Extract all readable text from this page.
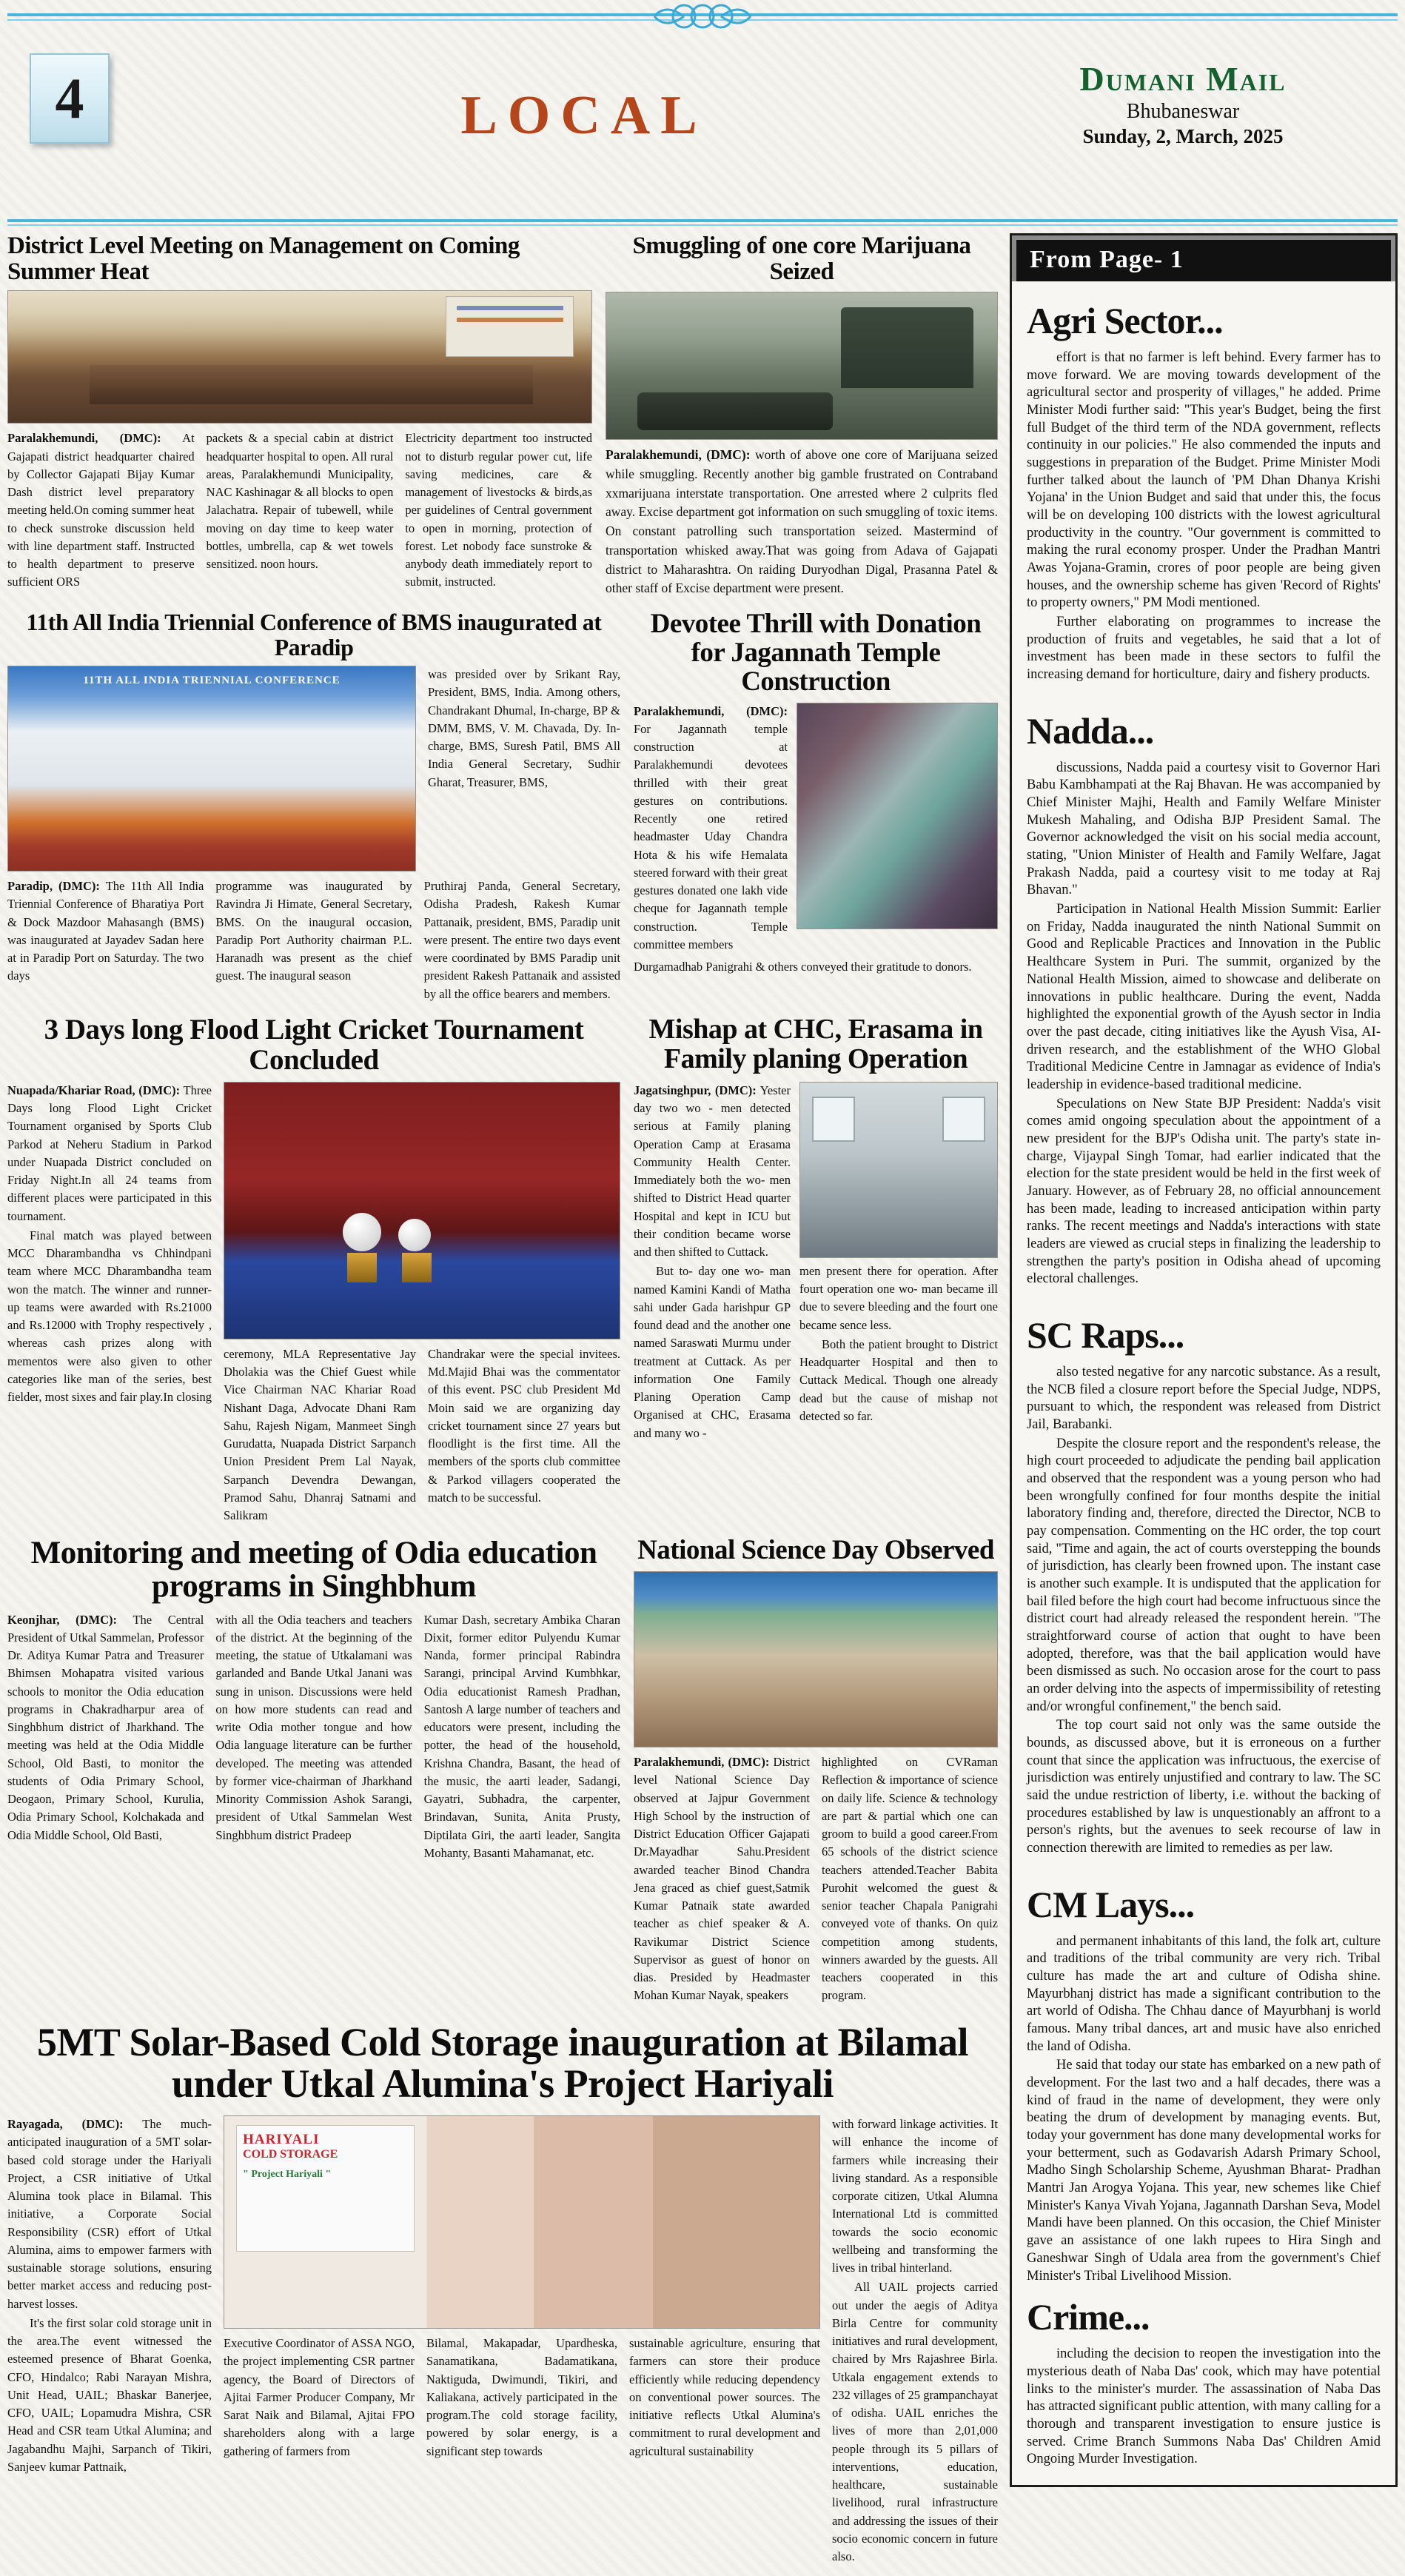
4	LOCAL
Dumani Mail
Bhubaneswar
Sunday, 2, March, 2025
District Level Meeting on Management on Coming Summer Heat

Paralakhemundi, (DMC): At Gajapati district headquarter chaired by Collector Gajapati Bijay Kumar Dash district level preparatory meeting held.On coming summer heat to check sunstroke discussion held with line department staff. Instructed to health department to preserve sufficient ORS

packets & a special cabin at district headquarter hospital to open. All rural areas, Paralakhemundi Municipality, NAC Kashinagar & all blocks to open Jalachatra. Repair of tubewell, while moving on day time to keep water bottles, umbrella, cap & wet towels sensitized. noon hours.

Electricity department too instructed not to disturb regular power cut, life saving medicines, care & management of livestocks & birds,as per guidelines of Central government to open in morning, protection of forest. Let nobody face sunstroke & anybody death immediately report to submit, instructed.

Smuggling of one core Marijuana Seized

Paralakhemundi, (DMC): worth of above one core of Marijuana seized while smuggling. Recently another big gamble frustrated on Contraband xxmarijuana interstate transportation. One arrested where 2 culprits fled away. Excise department got information on such smuggling of toxic items. On constant patrolling such transportation seized. Mastermind of transportation whisked away.That was going from Adava of Gajapati district to Maharashtra. On raiding Duryodhan Digal, Prasanna Patel & other staff of Excise department were present.

11th All India Triennial Conference of BMS inaugurated at Paradip
11TH ALL INDIA TRIENNIAL CONFERENCE	was presided over by Srikant Ray, President, BMS, India. Among others, Chandrakant Dhumal, In-charge, BP & DMM, BMS, V. M. Chavada, Dy. In-charge, BMS, Suresh Patil, BMS All India General Secretary, Sudhir Gharat, Treasurer, BMS,

Paradip, (DMC): The 11th All India Triennial Conference of Bharatiya Port & Dock Mazdoor Mahasangh (BMS) was inaugurated at Jayadev Sadan here at in Paradip Port on Saturday. The two days

programme was inaugurated by Ravindra Ji Himate, General Secretary, BMS. On the inaugural occasion, Paradip Port Authority chairman P.L. Haranadh was present as the chief guest. The inaugural season

Pruthiraj Panda, General Secretary, Odisha Pradesh, Rakesh Kumar Pattanaik, president, BMS, Paradip unit were present. The entire two days event were coordinated by BMS Paradip unit president Rakesh Pattanaik and assisted by all the office bearers and members.

Devotee Thrill with Donation for Jagannath Temple Construction

Paralakhemundi, (DMC): For Jagannath temple construction at Paralakhemundi devotees thrilled with their great gestures on contributions. Recently one retired headmaster Uday Chandra Hota & his wife Hemalata steered forward with their great gestures donated one lakh vide cheque for Jagannath temple construction. Temple committee members

Durgamadhab Panigrahi & others conveyed their gratitude to donors.

3 Days long Flood Light Cricket Tournament Concluded

Nuapada/Khariar Road, (DMC): Three Days long Flood Light Cricket Tournament organised by Sports Club Parkod at Neheru Stadium in Parkod under Nuapada District concluded on Friday Night.In all 24 teams from different places were participated in this tournament.

Final match was played between MCC Dharambandha vs Chhindpani team where MCC Dharambandha team won the match. The winner and runner-up teams were awarded with Rs.21000 and Rs.12000 with Trophy respectively , whereas cash prizes along with mementos were also given to other categories like man of the series, best fielder, most sixes and fair play.In closing

ceremony, MLA Representative Jay Dholakia was the Chief Guest while Vice Chairman NAC Khariar Road Nishant Daga, Advocate Dhani Ram Sahu, Rajesh Nigam, Manmeet Singh Gurudatta, Nuapada District Sarpanch Union President Prem Lal Nayak, Sarpanch Devendra Dewangan, Pramod Sahu, Dhanraj Satnami and Salikram

Chandrakar were the special invitees. Md.Majid Bhai was the commentator of this event. PSC club President Md Moin said we are organizing day cricket tournament since 27 years but floodlight is the first time. All the members of the sports club committee & Parkod villagers cooperated the match to be successful.

Mishap at CHC, Erasama in Family planing Operation

Jagatsinghpur, (DMC): Yester day two wo - men detected serious at Family planing Operation Camp at Erasama Community Health Center. Immediately both the wo- men shifted to District Head quarter Hospital and kept in ICU but their condition became worse and then shifted to Cuttack.

But to- day one wo- man named Kamini Kandi of Matha sahi under Gada harishpur GP found dead and the another one named Saraswati Murmu under treatment at Cuttack. As per information One Family Planing Operation Camp Organised at CHC, Erasama and many wo -

men present there for operation. After fourt operation one wo- man became ill due to severe bleeding and the fourt one became sence less.

Both the patient brought to District Headquarter Hospital and then to Cuttack Medical. Though one already dead but the cause of mishap not detected so far.

Monitoring and meeting of Odia education programs in Singhbhum

Keonjhar, (DMC): The Central President of Utkal Sammelan, Professor Dr. Aditya Kumar Patra and Treasurer Bhimsen Mohapatra visited various schools to monitor the Odia education programs in Chakradharpur area of Singhbhum district of Jharkhand. The meeting was held at the Odia Middle School, Old Basti, to monitor the students of Odia Primary School, Deogaon, Primary School, Kurulia, Odia Primary School, Kolchakada and Odia Middle School, Old Basti,

with all the Odia teachers and teachers of the district. At the beginning of the meeting, the statue of Utkalamani was garlanded and Bande Utkal Janani was sung in unison. Discussions were held on how more students can read and write Odia mother tongue and how Odia language literature can be further developed. The meeting was attended by former vice-chairman of Jharkhand Minority Commission Ashok Sarangi, president of Utkal Sammelan West Singhbhum district Pradeep

Kumar Dash, secretary Ambika Charan Dixit, former editor Pulyendu Kumar Nanda, former principal Rabindra Sarangi, principal Arvind Kumbhkar, Odia educationist Ramesh Pradhan, Santosh A large number of teachers and educators were present, including the potter, the head of the household, Krishna Chandra, Basant, the head of the music, the aarti leader, Sadangi, Gayatri, Subhadra, the carpenter, Brindavan, Sunita, Anita Prusty, Diptilata Giri, the aarti leader, Sangita Mohanty, Basanti Mahamanat, etc.

National Science Day Observed

Paralakhemundi, (DMC): District level National Science Day observed at Jajpur Government High School by the instruction of District Education Officer Gajapati Dr.Mayadhar Sahu.President awarded teacher Binod Chandra Jena graced as chief guest,Satmik Kumar Patnaik state awarded teacher as chief speaker & A. Ravikumar District Science Supervisor as guest of honor on dias. Presided by Headmaster Mohan Kumar Nayak, speakers

highlighted on CVRaman Reflection & importance of science on daily life. Science & technology are part & partial which one can groom to build a good career.From 65 schools of the district science teachers attended.Teacher Babita Purohit welcomed the guest & senior teacher Chapala Panigrahi conveyed vote of thanks. On quiz competition among students, winners awarded by the guests. All teachers cooperated in this program.

5MT Solar-Based Cold Storage inauguration at Bilamal under Utkal Alumina's Project Hariyali

Rayagada, (DMC): The much-anticipated inauguration of a 5MT solar-based cold storage under the Hariyali Project, a CSR initiative of Utkal Alumina took place in Bilamal. This initiative, a Corporate Social Responsibility (CSR) effort of Utkal Alumina, aims to empower farmers with sustainable storage solutions, ensuring better market access and reducing post-harvest losses.

It's the first solar cold storage unit in the area.The event witnessed the esteemed presence of Bharat Goenka, CFO, Hindalco; Rabi Narayan Mishra, Unit Head, UAIL; Bhaskar Banerjee, CFO, UAIL; Lopamudra Mishra, CSR Head and CSR team Utkal Alumina; and Jagabandhu Majhi, Sarpanch of Tikiri, Sanjeev kumar Pattnaik,

HARIYALI
COLD STORAGE
" Project Hariyali "

Executive Coordinator of ASSA NGO, the project implementing CSR partner agency, the Board of Directors of Ajitai Farmer Producer Company, Mr Sarat Naik and Bilamal, Ajitai FPO shareholders along with a large gathering of farmers from

Bilamal, Makapadar, Upardheska, Sanamatikana, Badamatikana, Naktiguda, Dwimundi, Tikiri, and Kaliakana, actively participated in the program.The cold storage facility, powered by solar energy, is a significant step towards

sustainable agriculture, ensuring that farmers can store their produce efficiently while reducing dependency on conventional power sources. The initiative reflects Utkal Alumina's commitment to rural development and agricultural sustainability

with forward linkage activities. It will enhance the income of farmers while increasing their living standard. As a responsible corporate citizen, Utkal Alumna International Ltd is committed towards the socio economic wellbeing and transforming the lives in tribal hinterland.

All UAIL projects carried out under the aegis of Aditya Birla Centre for community initiatives and rural development, chaired by Mrs Rajashree Birla. Utkala engagement extends to 232 villages of 25 grampanchayat of odisha. UAIL enriches the lives of more than 2,01,000 people through its 5 pillars of interventions, education, healthcare, sustainable livelihood, rural infrastructure and addressing the issues of their socio economic concern in future also.

From Page- 1
Agri Sector...

effort is that no farmer is left behind. Every farmer has to move forward. We are moving towards development of the agricultural sector and prosperity of villages," he added. Prime Minister Modi further said: "This year's Budget, being the first full Budget of the third term of the NDA government, reflects continuity in our policies." He also commended the inputs and suggestions in preparation of the Budget. Prime Minister Modi further talked about the launch of 'PM Dhan Dhanya Krishi Yojana' in the Union Budget and said that under this, the focus will be on developing 100 districts with the lowest agricultural productivity in the country. "Our government is committed to making the rural economy prosper. Under the Pradhan Mantri Awas Yojana-Gramin, crores of poor people are being given houses, and the ownership scheme has given 'Record of Rights' to property owners," PM Modi mentioned.

Further elaborating on programmes to increase the production of fruits and vegetables, he said that a lot of investment has been made in these sectors to fulfil the increasing demand for horticulture, dairy and fishery products.

Nadda...

discussions, Nadda paid a courtesy visit to Governor Hari Babu Kambhampati at the Raj Bhavan. He was accompanied by Chief Minister Majhi, Health and Family Welfare Minister Mukesh Mahaling, and Odisha BJP President Samal. The Governor acknowledged the visit on his social media account, stating, "Union Minister of Health and Family Welfare, Jagat Prakash Nadda, paid a courtesy visit to me today at Raj Bhavan."

Participation in National Health Mission Summit: Earlier on Friday, Nadda inaugurated the ninth National Summit on Good and Replicable Practices and Innovation in the Public Healthcare System in Puri. The summit, organized by the National Health Mission, aimed to showcase and deliberate on innovations in public healthcare. During the event, Nadda highlighted the exponential growth of the Ayush sector in India over the past decade, citing initiatives like the Ayush Visa, AI-driven research, and the establishment of the WHO Global Traditional Medicine Centre in Jamnagar as evidence of India's leadership in evidence-based traditional medicine.

Speculations on New State BJP President: Nadda's visit comes amid ongoing speculation about the appointment of a new president for the BJP's Odisha unit. The party's state in-charge, Vijaypal Singh Tomar, had earlier indicated that the election for the state president would be held in the first week of January. However, as of February 28, no official announcement has been made, leading to increased anticipation within party ranks. The recent meetings and Nadda's interactions with state leaders are viewed as crucial steps in finalizing the leadership to strengthen the party's position in Odisha ahead of upcoming electoral challenges.

SC Raps...

also tested negative for any narcotic substance. As a result, the NCB filed a closure report before the Special Judge, NDPS, pursuant to which, the respondent was released from District Jail, Barabanki.

Despite the closure report and the respondent's release, the high court proceeded to adjudicate the pending bail application and observed that the respondent was a young person who had been wrongfully confined for four months despite the initial laboratory finding and, therefore, directed the Director, NCB to pay compensation. Commenting on the HC order, the top court said, "Time and again, the act of courts overstepping the bounds of jurisdiction, has clearly been frowned upon. The instant case is another such example. It is undisputed that the application for bail filed before the high court had become infructuous since the district court had already released the respondent herein. "The straightforward course of action that ought to have been adopted, therefore, was that the bail application would have been dismissed as such. No occasion arose for the court to pass an order delving into the aspects of impermissibility of retesting and/or wrongful confinement," the bench said.

The top court said not only was the same outside the bounds, as discussed above, but it is erroneous on a further count that since the application was infructuous, the exercise of jurisdiction was entirely unjustified and contrary to law. The SC said the undue restriction of liberty, i.e. without the backing of procedures established by law is unquestionably an affront to a person's rights, but the avenues to seek recourse of law in connection therewith are limited to remedies as per law.

CM Lays...

and permanent inhabitants of this land, the folk art, culture and traditions of the tribal community are very rich. Tribal culture has made the art and culture of Odisha shine. Mayurbhanj district has made a significant contribution to the art world of Odisha. The Chhau dance of Mayurbhanj is world famous. Many tribal dances, art and music have also enriched the land of Odisha.

He said that today our state has embarked on a new path of development. For the last two and a half decades, there was a kind of fraud in the name of development, they were only beating the drum of development by managing events. But, today your government has done many developmental works for your betterment, such as Godavarish Adarsh Primary School, Madho Singh Scholarship Scheme, Ayushman Bharat- Pradhan Mantri Jan Arogya Yojana. This year, new schemes like Chief Minister's Kanya Vivah Yojana, Jagannath Darshan Seva, Model Mandi have been planned. On this occasion, the Chief Minister gave an assistance of one lakh rupees to Hira Singh and Ganeshwar Singh of Udala area from the government's Chief Minister's Tribal Livelihood Mission.

Crime...

including the decision to reopen the investigation into the mysterious death of Naba Das' cook, which may have potential links to the minister's murder. The assassination of Naba Das has attracted significant public attention, with many calling for a thorough and transparent investigation to ensure justice is served. Crime Branch Summons Naba Das' Children Amid Ongoing Murder Investigation.
